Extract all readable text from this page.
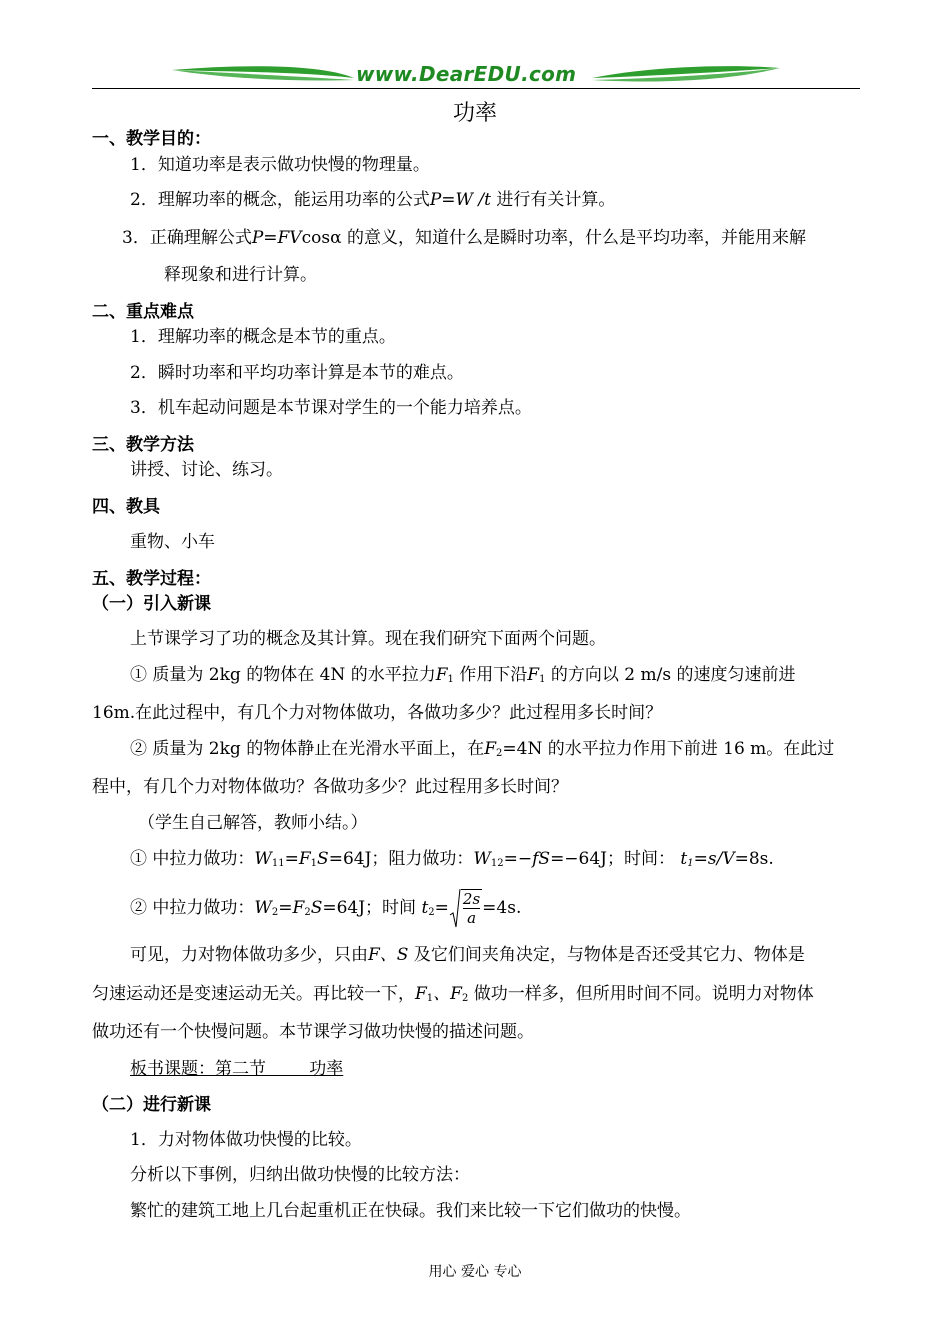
www.DearEDU.com
功率
一、教学目的：
1．知道功率是表示做功快慢的物理量。
2．理解功率的概念，能运用功率的公式P=W /t 进行有关计算。
3．正确理解公式P=FVcosα 的意义，知道什么是瞬时功率，什么是平均功率，并能用来解
释现象和进行计算。
二、重点难点
1．理解功率的概念是本节的重点。
2．瞬时功率和平均功率计算是本节的难点。
3．机车起动问题是本节课对学生的一个能力培养点。
三、教学方法
讲授、讨论、练习。
四、教具
重物、小车
五、教学过程：
（一）引入新课
上节课学习了功的概念及其计算。现在我们研究下面两个问题。
① 质量为 2kg 的物体在 4N 的水平拉力$F_1$ 作用下沿$F_1$ 的方向以 2 m/s 的速度匀速前进
16m.在此过程中，有几个力对物体做功，各做功多少？此过程用多长时间？
② 质量为 2kg 的物体静止在光滑水平面上，在$F_2=4N$ 的水平拉力作用下前进 16 m。在此过
程中，有几个力对物体做功？各做功多少？此过程用多长时间？
（学生自己解答，教师小结。）
① 中拉力做功：$W_{11}=F_1S=64J$；阻力做功：$W_{12}=-fS=-64J$；时间： $t_1=s/V=8s$.
② 中拉力做功：$W_2=F_2S=64J$；时间 $t_2= 2s$
a =4s.
可见，力对物体做功多少，只由F、S 及它们间夹角决定，与物体是否还受其它力、物体是
匀速运动还是变速运动无关。再比较一下，$F_1$、$F_2$ 做功一样多，但所用时间不同。说明力对物体
做功还有一个快慢问题。本节课学习做功快慢的描述问题。
板书课题：第二节        功率
（二）进行新课
1．力对物体做功快慢的比较。
分析以下事例，归纳出做功快慢的比较方法：
繁忙的建筑工地上几台起重机正在快碌。我们来比较一下它们做功的快慢。
用心 爱心 专心
